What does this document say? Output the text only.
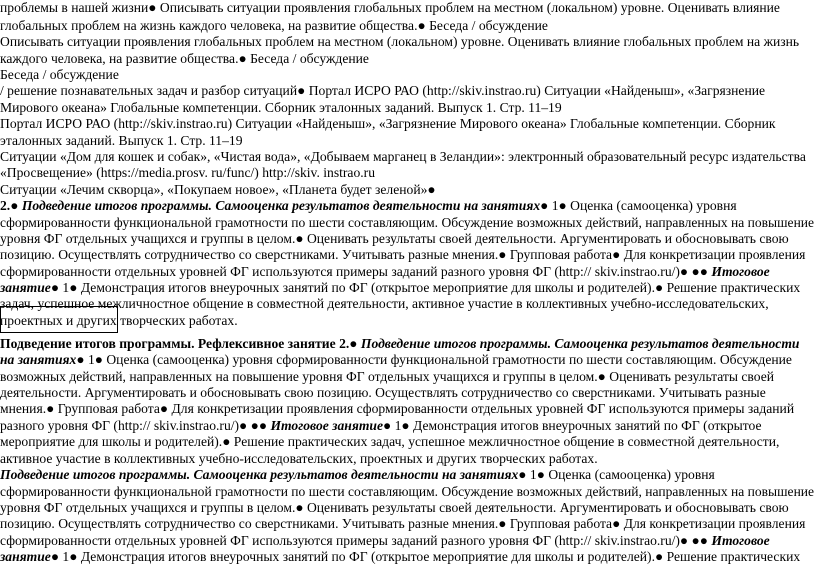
проблемы в нашей жизни● Описывать ситуации проявления глобальных проблем на местном (локальном) уровне. Оценивать влияние
глобальных проблем на жизнь каждого человека, на развитие общества.● Беседа / обсуждение
Описывать ситуации проявления глобальных проблем на местном (локальном) уровне. Оценивать влияние глобальных проблем на жизнь
каждого человека, на развитие общества.● Беседа / обсуждение
Беседа / обсуждение
/ решение познавательных задач и разбор ситуаций● Портал ИСРО РАО (http://skiv.instrao.ru) Ситуации «Найденыш», «Загрязнение
Мирового океана» Глобальные компетенции. Сборник эталонных заданий. Выпуск 1. Стр. 11–19
Портал ИСРО РАО (http://skiv.instrao.ru) Ситуации «Найденыш», «Загрязнение Мирового океана» Глобальные компетенции. Сборник
эталонных заданий. Выпуск 1. Стр. 11–19
Ситуации «Дом для кошек и собак», «Чистая вода», «Добываем марганец в Зеландии»: электронный образовательный ресурс издательства
«Просвещение» (https://media.prosv. ru/func/) http://skiv. instrao.ru
Ситуации «Лечим скворца», «Покупаем новое», «Планета будет зеленой»●
2.● Подведение итогов программы. Самооценка результатов деятельности на занятиях● 1● Оценка (самооценка) уровня
сформированности функциональной грамотности по шести составляющим. Обсуждение возможных действий, направленных на повышение
уровня ФГ отдельных учащихся и группы в целом.● Оценивать результаты своей деятельности. Аргументировать и обосновывать свою
позицию. Осуществлять сотрудничество со сверстниками. Учитывать разные мнения.● Групповая работа● Для конкретизации проявления
сформированности отдельных уровней ФГ используются примеры заданий разного уровня ФГ (http:// skiv.instrao.ru/)● ●● Итоговое
занятие● 1● Демонстрация итогов внеурочных занятий по ФГ (открытое мероприятие для школы и родителей).● Решение практических
задач, успешное межличностное общение в совместной деятельности, активное участие в коллективных учебно-исследовательских,
проектных и других творческих работах.
Подведение итогов программы. Рефлексивное занятие 2.● Подведение итогов программы. Самооценка результатов деятельности
на занятиях● 1● Оценка (самооценка) уровня сформированности функциональной грамотности по шести составляющим. Обсуждение
возможных действий, направленных на повышение уровня ФГ отдельных учащихся и группы в целом.● Оценивать результаты своей
деятельности. Аргументировать и обосновывать свою позицию. Осуществлять сотрудничество со сверстниками. Учитывать разные
мнения.● Групповая работа● Для конкретизации проявления сформированности отдельных уровней ФГ используются примеры заданий
разного уровня ФГ (http:// skiv.instrao.ru/)● ●● Итоговое занятие● 1● Демонстрация итогов внеурочных занятий по ФГ (открытое
мероприятие для школы и родителей).● Решение практических задач, успешное межличностное общение в совместной деятельности,
активное участие в коллективных учебно-исследовательских, проектных и других творческих работах.
Подведение итогов программы. Самооценка результатов деятельности на занятиях● 1● Оценка (самооценка) уровня
сформированности функциональной грамотности по шести составляющим. Обсуждение возможных действий, направленных на повышение
уровня ФГ отдельных учащихся и группы в целом.● Оценивать результаты своей деятельности. Аргументировать и обосновывать свою
позицию. Осуществлять сотрудничество со сверстниками. Учитывать разные мнения.● Групповая работа● Для конкретизации проявления
сформированности отдельных уровней ФГ используются примеры заданий разного уровня ФГ (http:// skiv.instrao.ru/)● ●● Итоговое
занятие● 1● Демонстрация итогов внеурочных занятий по ФГ (открытое мероприятие для школы и родителей).● Решение практических
